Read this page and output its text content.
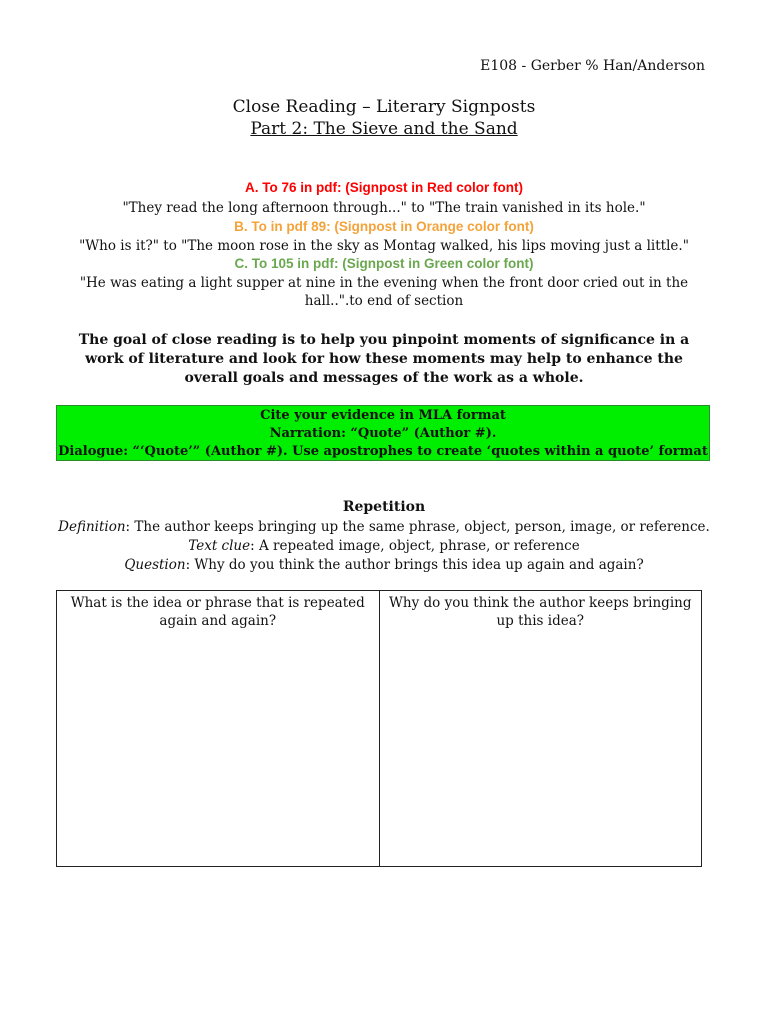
E108 - Gerber % Han/Anderson
Close Reading – Literary Signposts
Part 2: The Sieve and the Sand
A. To 76 in pdf: (Signpost in Red color font)
"They read the long afternoon through..." to "The train vanished in its hole."
B. To in pdf 89: (Signpost in Orange color font)
"Who is it?" to "The moon rose in the sky as Montag walked, his lips moving just a little."
C. To 105 in pdf: (Signpost in Green color font)
"He was eating a light supper at nine in the evening when the front door cried out in the hall..".to end of section
The goal of close reading is to help you pinpoint moments of significance in a work of literature and look for how these moments may help to enhance the overall goals and messages of the work as a whole.
Cite your evidence in MLA format
Narration: “Quote” (Author #).
Dialogue: “‘Quote’” (Author #). Use apostrophes to create ‘quotes within a quote’ format
Repetition
Definition: The author keeps bringing up the same phrase, object, person, image, or reference.
Text clue: A repeated image, object, phrase, or reference
Question: Why do you think the author brings this idea up again and again?
What is the idea or phrase that is repeated again and again?	Why do you think the author keeps bringing up this idea?
